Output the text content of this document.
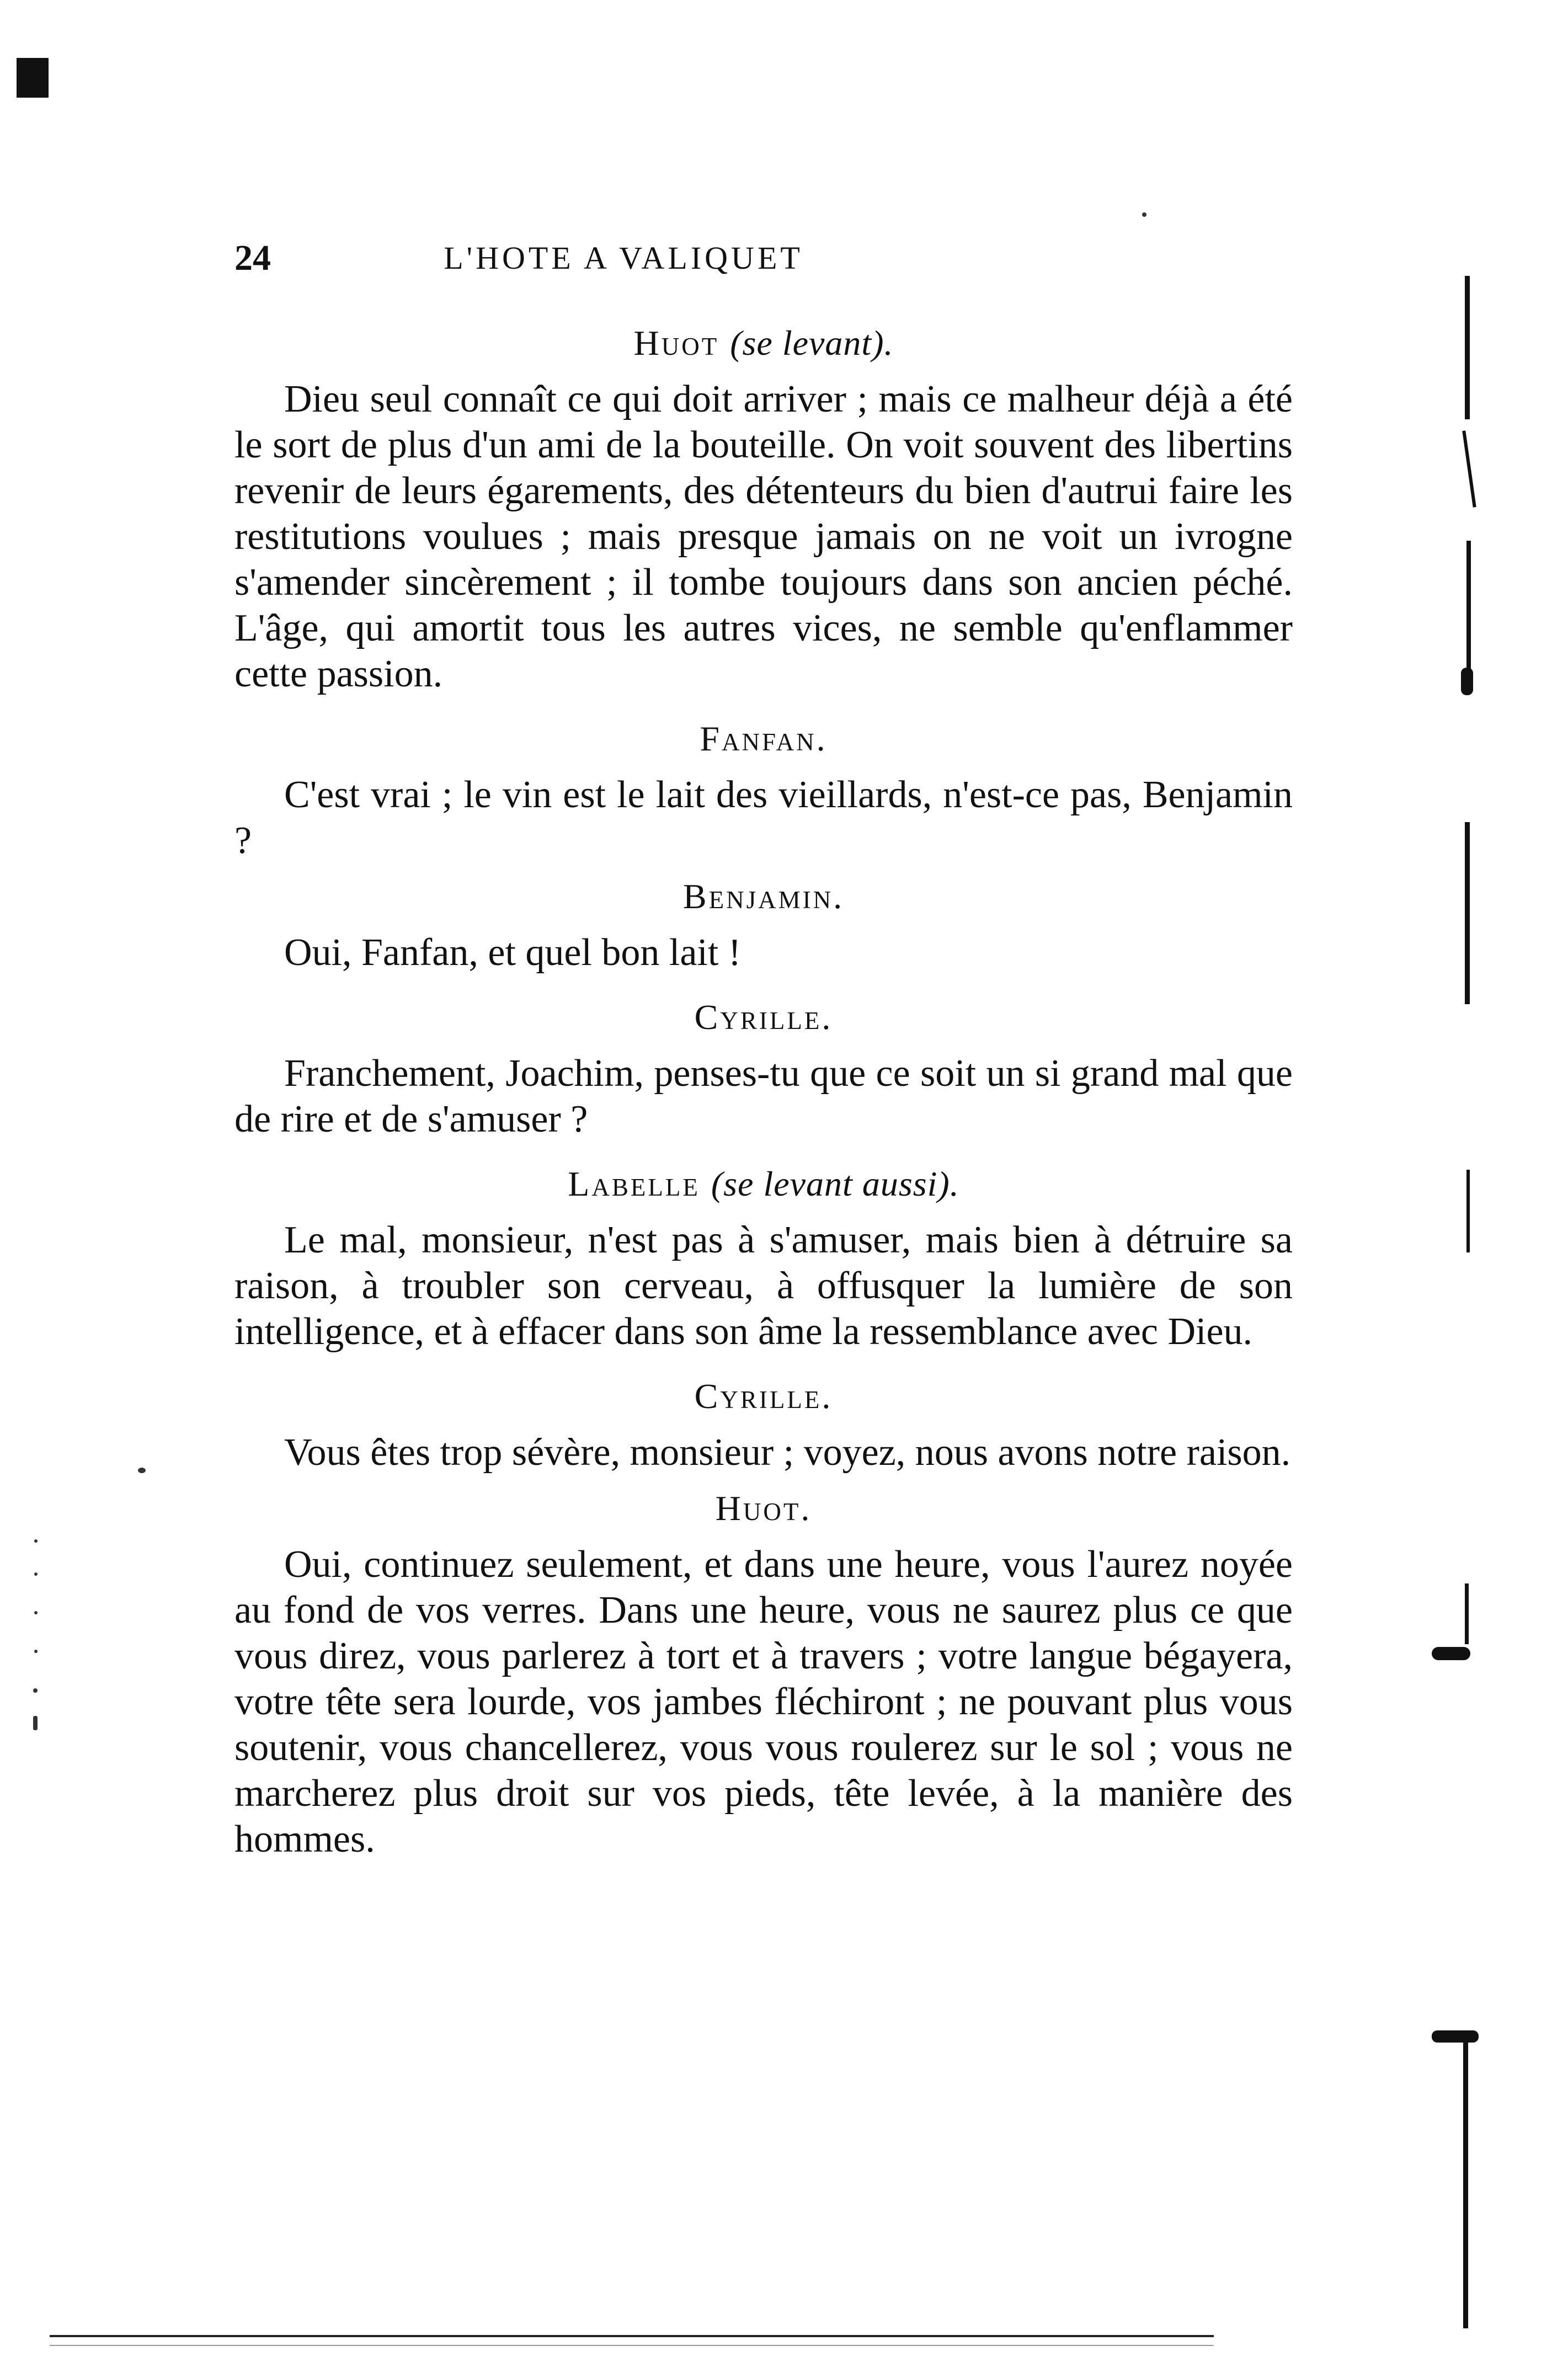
24	L'HOTE A VALIQUET

Huot (se levant).

Dieu seul connaît ce qui doit arriver ; mais ce malheur déjà a été le sort de plus d'un ami de la bouteille. On voit souvent des libertins revenir de leurs égarements, des détenteurs du bien d'autrui faire les restitutions voulues ; mais presque jamais on ne voit un ivrogne s'amender sincèrement ; il tombe toujours dans son ancien péché. L'âge, qui amortit tous les autres vices, ne semble qu'enflammer cette passion.

Fanfan.

C'est vrai ; le vin est le lait des vieillards, n'est-ce pas, Benjamin ?

Benjamin.

Oui, Fanfan, et quel bon lait !

Cyrille.

Franchement, Joachim, penses-tu que ce soit un si grand mal que de rire et de s'amuser ?

Labelle (se levant aussi).

Le mal, monsieur, n'est pas à s'amuser, mais bien à détruire sa raison, à troubler son cerveau, à offusquer la lumière de son intelligence, et à effacer dans son âme la ressemblance avec Dieu.

Cyrille.

Vous êtes trop sévère, monsieur ; voyez, nous avons notre raison.

Huot.

Oui, continuez seulement, et dans une heure, vous l'aurez noyée au fond de vos verres. Dans une heure, vous ne saurez plus ce que vous direz, vous parlerez à tort et à travers ; votre langue bégayera, votre tête sera lourde, vos jambes fléchiront ; ne pouvant plus vous soutenir, vous chancellerez, vous vous roulerez sur le sol ; vous ne marcherez plus droit sur vos pieds, tête levée, à la manière des hommes.
